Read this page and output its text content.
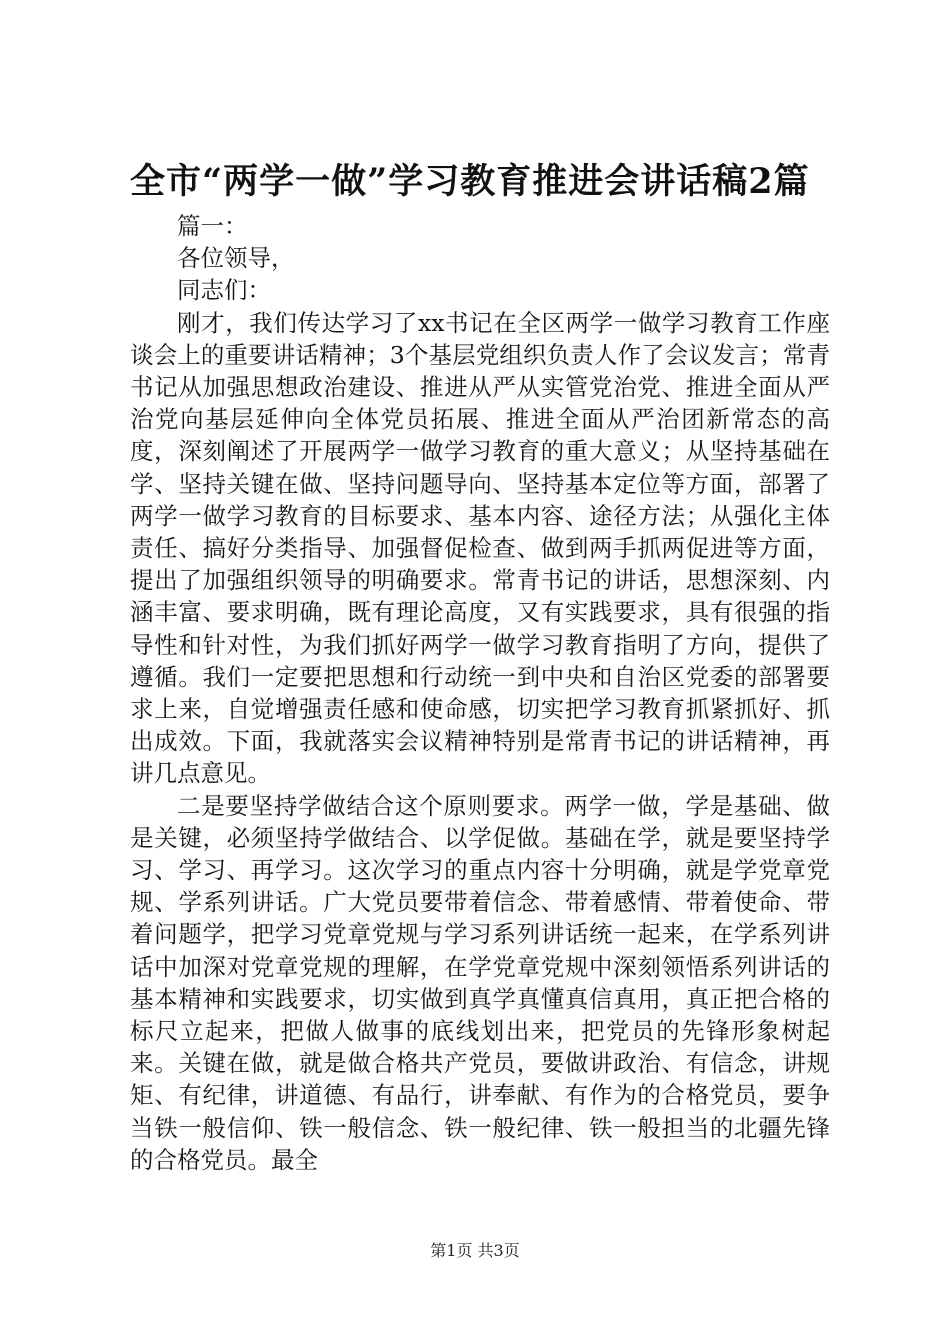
全市“两学一做”学习教育推进会讲话稿2篇

篇一：

各位领导，

同志们：

刚才，我们传达学习了xx书记在全区两学一做学习教育工作座谈会上的重要讲话精神；3个基层党组织负责人作了会议发言；常青书记从加强思想政治建设、推进从严从实管党治党、推进全面从严治党向基层延伸向全体党员拓展、推进全面从严治团新常态的高度，深刻阐述了开展两学一做学习教育的重大意义；从坚持基础在学、坚持关键在做、坚持问题导向、坚持基本定位等方面，部署了两学一做学习教育的目标要求、基本内容、途径方法；从强化主体责任、搞好分类指导、加强督促检查、做到两手抓两促进等方面，提出了加强组织领导的明确要求。常青书记的讲话，思想深刻、内涵丰富、要求明确，既有理论高度，又有实践要求，具有很强的指导性和针对性，为我们抓好两学一做学习教育指明了方向，提供了遵循。我们一定要把思想和行动统一到中央和自治区党委的部署要求上来，自觉增强责任感和使命感，切实把学习教育抓紧抓好、抓出成效。下面，我就落实会议精神特别是常青书记的讲话精神，再讲几点意见。

二是要坚持学做结合这个原则要求。两学一做，学是基础、做是关键，必须坚持学做结合、以学促做。基础在学，就是要坚持学习、学习、再学习。这次学习的重点内容十分明确，就是学党章党规、学系列讲话。广大党员要带着信念、带着感情、带着使命、带着问题学，把学习党章党规与学习系列讲话统一起来，在学系列讲话中加深对党章党规的理解，在学党章党规中深刻领悟系列讲话的基本精神和实践要求，切实做到真学真懂真信真用，真正把合格的标尺立起来，把做人做事的底线划出来，把党员的先锋形象树起来。关键在做，就是做合格共产党员，要做讲政治、有信念，讲规矩、有纪律，讲道德、有品行，讲奉献、有作为的合格党员，要争当铁一般信仰、铁一般信念、铁一般纪律、铁一般担当的北疆先锋的合格党员。最全

第1页 共3页
